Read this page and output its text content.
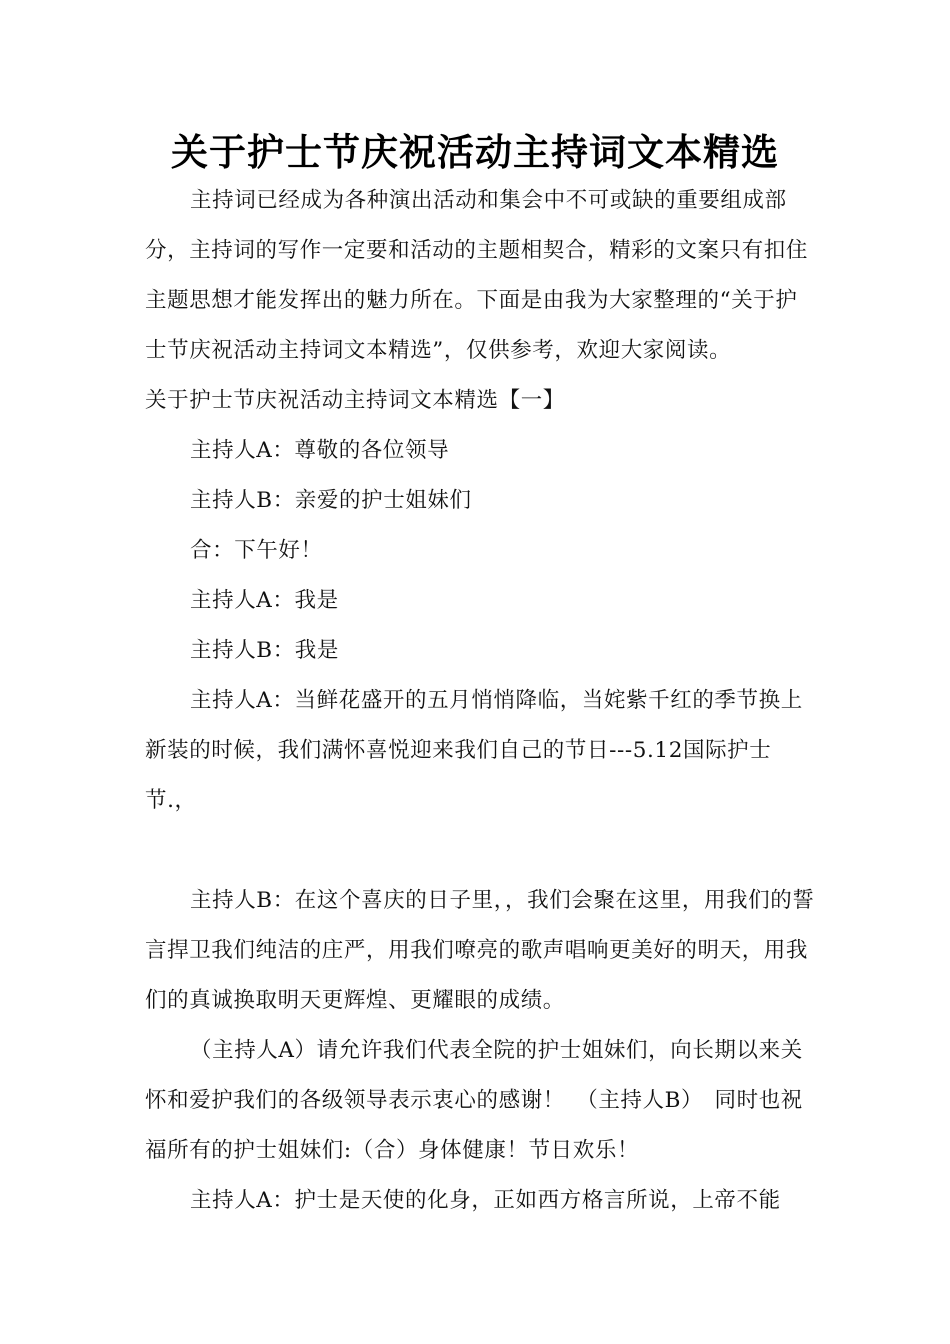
关于护士节庆祝活动主持词文本精选

主持词已经成为各种演出活动和集会中不可或缺的重要组成部分，主持词的写作一定要和活动的主题相契合，精彩的文案只有扣住主题思想才能发挥出的魅力所在。下面是由我为大家整理的“关于护士节庆祝活动主持词文本精选”，仅供参考，欢迎大家阅读。

关于护士节庆祝活动主持词文本精选【一】

主持人A：尊敬的各位领导

主持人B：亲爱的护士姐妹们

合：下午好！

主持人A：我是

主持人B：我是

主持人A：当鲜花盛开的五月悄悄降临，当姹紫千红的季节换上新装的时候，我们满怀喜悦迎来我们自己的节日---5.12国际护士节.，

主持人B：在这个喜庆的日子里，，我们会聚在这里，用我们的誓言捍卫我们纯洁的庄严，用我们嘹亮的歌声唱响更美好的明天，用我们的真诚换取明天更辉煌、更耀眼的成绩。

（主持人A）请允许我们代表全院的护士姐妹们，向长期以来关怀和爱护我们的各级领导表示衷心的感谢！　（主持人B）　同时也祝福所有的护士姐妹们:（合）身体健康！节日欢乐！

主持人A：护士是天使的化身，正如西方格言所说，上帝不能
